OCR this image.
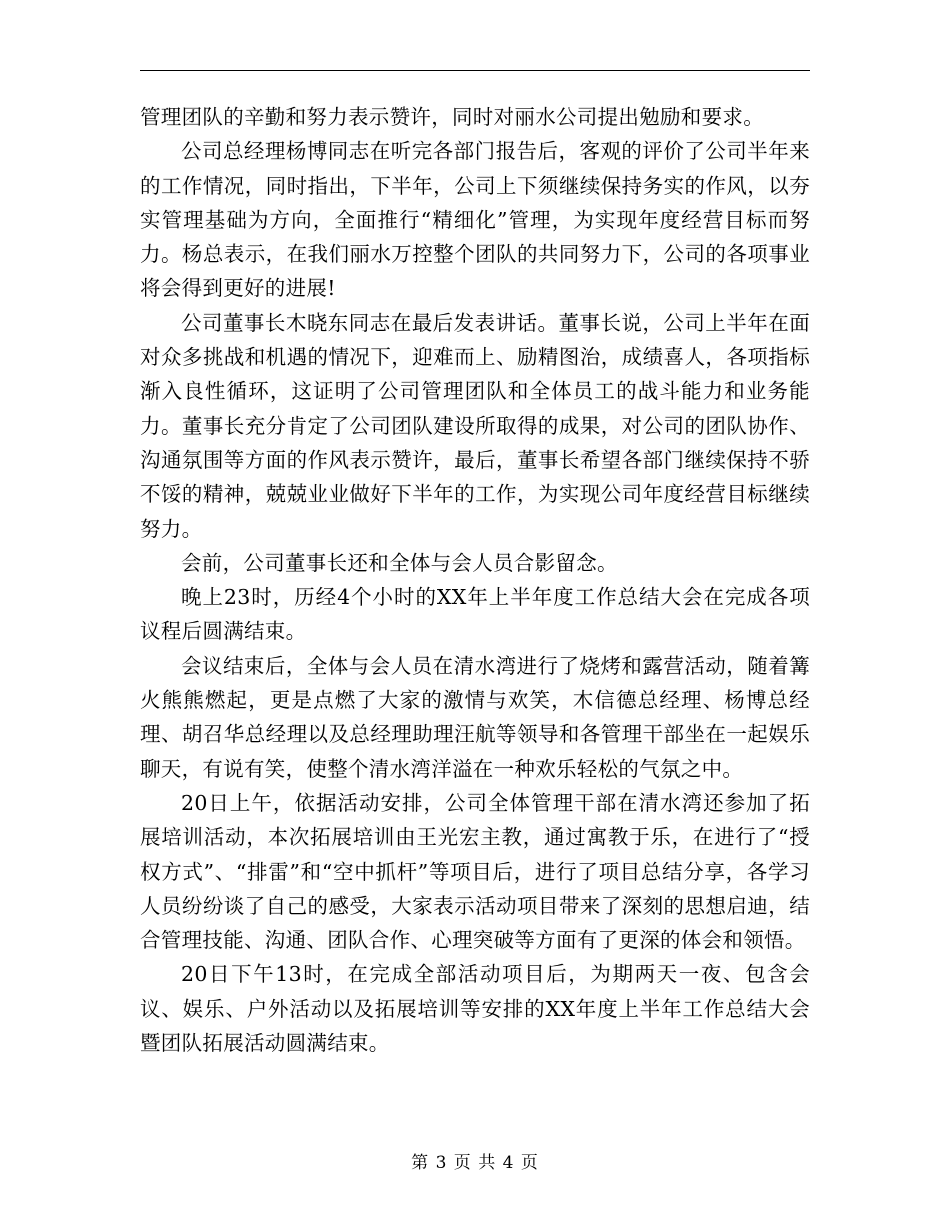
管理团队的辛勤和努力表示赞许，同时对丽水公司提出勉励和要求。

公司总经理杨博同志在听完各部门报告后，客观的评价了公司半年来的工作情况，同时指出，下半年，公司上下须继续保持务实的作风，以夯实管理基础为方向，全面推行“精细化”管理，为实现年度经营目标而努力。杨总表示，在我们丽水万控整个团队的共同努力下，公司的各项事业将会得到更好的进展!

公司董事长木晓东同志在最后发表讲话。董事长说，公司上半年在面对众多挑战和机遇的情况下，迎难而上、励精图治，成绩喜人，各项指标渐入良性循环，这证明了公司管理团队和全体员工的战斗能力和业务能力。董事长充分肯定了公司团队建设所取得的成果，对公司的团队协作、沟通氛围等方面的作风表示赞许，最后，董事长希望各部门继续保持不骄不馁的精神，兢兢业业做好下半年的工作，为实现公司年度经营目标继续努力。

会前，公司董事长还和全体与会人员合影留念。

晚上23时，历经4个小时的XX年上半年度工作总结大会在完成各项议程后圆满结束。

会议结束后，全体与会人员在清水湾进行了烧烤和露营活动，随着篝火熊熊燃起，更是点燃了大家的激情与欢笑，木信德总经理、杨博总经理、胡召华总经理以及总经理助理汪航等领导和各管理干部坐在一起娱乐聊天，有说有笑，使整个清水湾洋溢在一种欢乐轻松的气氛之中。

20日上午，依据活动安排，公司全体管理干部在清水湾还参加了拓展培训活动，本次拓展培训由王光宏主教，通过寓教于乐，在进行了“授权方式”、“排雷”和“空中抓杆”等项目后，进行了项目总结分享，各学习人员纷纷谈了自己的感受，大家表示活动项目带来了深刻的思想启迪，结合管理技能、沟通、团队合作、心理突破等方面有了更深的体会和领悟。

20日下午13时，在完成全部活动项目后，为期两天一夜、包含会议、娱乐、户外活动以及拓展培训等安排的XX年度上半年工作总结大会暨团队拓展活动圆满结束。

第 3 页 共 4 页
